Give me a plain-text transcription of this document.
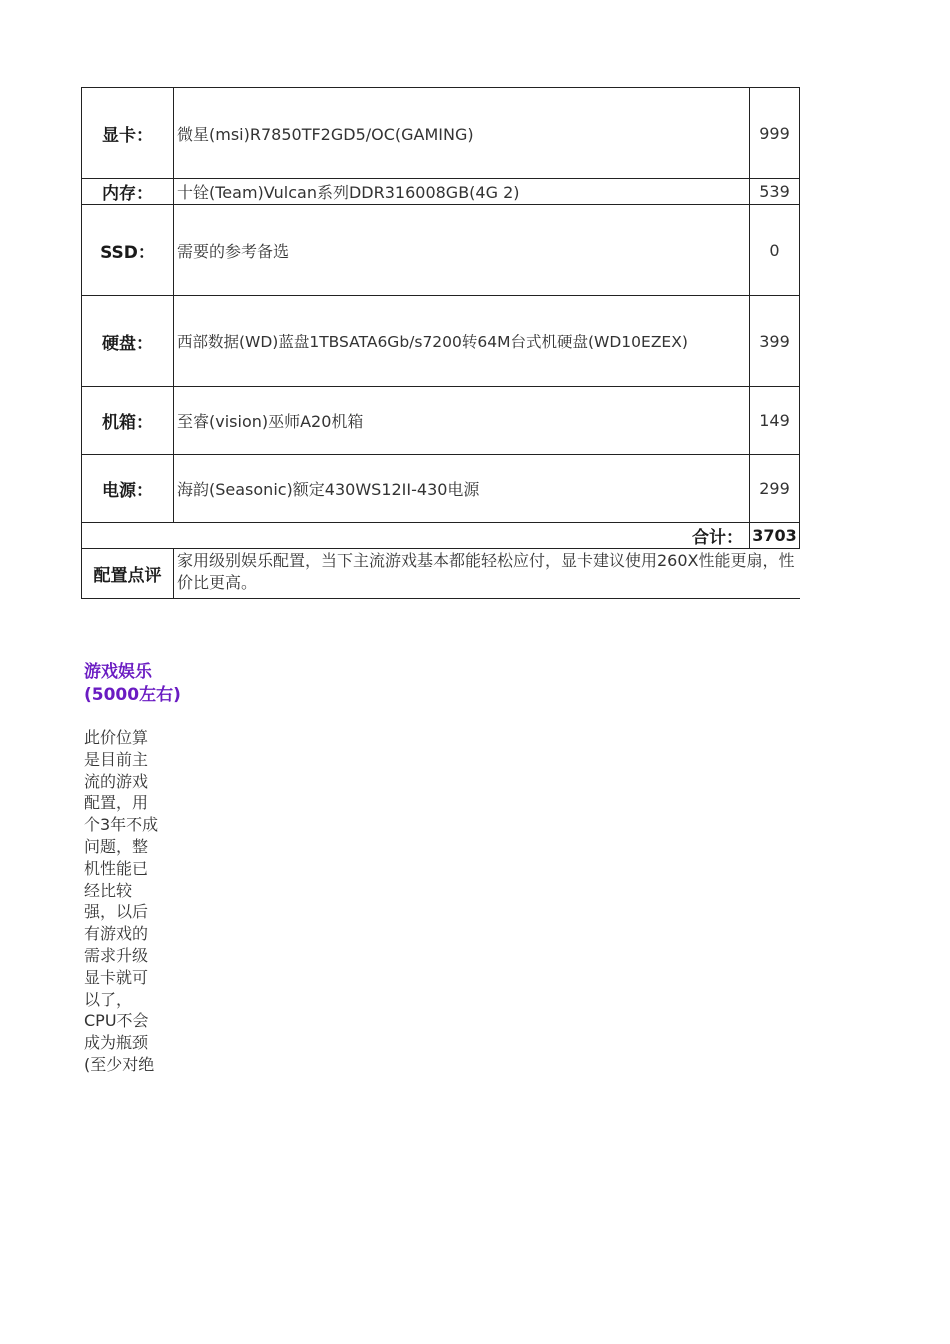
显卡：	微星(msi)R7850TF2GD5/OC(GAMING)	999
内存：	十铨(Team)Vulcan系列DDR316008GB(4G 2)	539
SSD：	需要的参考备选	0
硬盘：	西部数据(WD)蓝盘1TBSATA6Gb/s7200转64M台式机硬盘(WD10EZEX)	399
机箱：	至睿(vision)巫师A20机箱	149
电源：	海韵(Seasonic)额定430WS12II-430电源	299
合计：		3703
配置点评	家用级别娱乐配置，当下主流游戏基本都能轻松应付，显卡建议使用260X性能更扇，性价比更高。	
游戏娱乐(5000左右)
此价位算
是目前主
流的游戏
配置，用
个3年不成
问题，整
机性能已
经比较
强，以后
有游戏的
需求升级
显卡就可
以了，
CPU不会
成为瓶颈
(至少对绝
